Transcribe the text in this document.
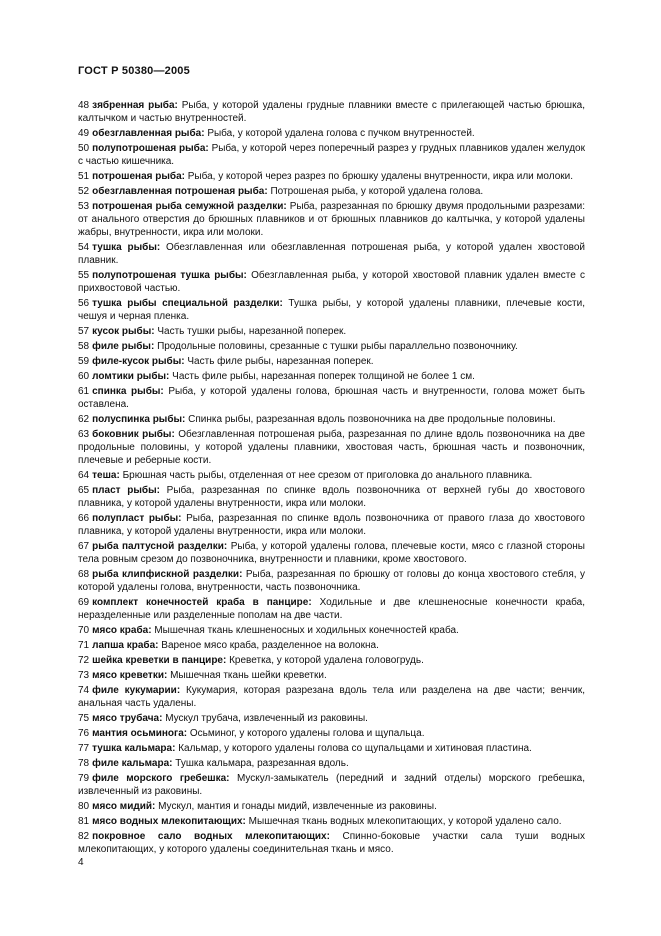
ГОСТ Р 50380—2005

48 зябренная рыба: Рыба, у которой удалены грудные плавники вместе с прилегающей частью брюшка, калтычком и частью внутренностей.

49 обезглавленная рыба: Рыба, у которой удалена голова с пучком внутренностей.

50 полупотрошеная рыба: Рыба, у которой через поперечный разрез у грудных плавников удален желудок с частью кишечника.

51 потрошеная рыба: Рыба, у которой через разрез по брюшку удалены внутренности, икра или молоки.

52 обезглавленная потрошеная рыба: Потрошеная рыба, у которой удалена голова.

53 потрошеная рыба семужной разделки: Рыба, разрезанная по брюшку двумя продольными разрезами: от анального отверстия до брюшных плавников и от брюшных плавников до калтычка, у которой удалены жабры, внутренности, икра или молоки.

54 тушка рыбы: Обезглавленная или обезглавленная потрошеная рыба, у которой удален хвостовой плавник.

55 полупотрошеная тушка рыбы: Обезглавленная рыба, у которой хвостовой плавник удален вместе с прихвостовой частью.

56 тушка рыбы специальной разделки: Тушка рыбы, у которой удалены плавники, плечевые кости, чешуя и черная пленка.

57 кусок рыбы: Часть тушки рыбы, нарезанной поперек.

58 филе рыбы: Продольные половины, срезанные с тушки рыбы параллельно позвоночнику.

59 филе-кусок рыбы: Часть филе рыбы, нарезанная поперек.

60 ломтики рыбы: Часть филе рыбы, нарезанная поперек толщиной не более 1 см.

61 спинка рыбы: Рыба, у которой удалены голова, брюшная часть и внутренности, голова может быть оставлена.

62 полуспинка рыбы: Спинка рыбы, разрезанная вдоль позвоночника на две продольные половины.

63 боковник рыбы: Обезглавленная потрошеная рыба, разрезанная по длине вдоль позвоночника на две продольные половины, у которой удалены плавники, хвостовая часть, брюшная часть и позвоночник, плечевые и реберные кости.

64 теша: Брюшная часть рыбы, отделенная от нее срезом от приголовка до анального плавника.

65 пласт рыбы: Рыба, разрезанная по спинке вдоль позвоночника от верхней губы до хвостового плавника, у которой удалены внутренности, икра или молоки.

66 полупласт рыбы: Рыба, разрезанная по спинке вдоль позвоночника от правого глаза до хвостового плавника, у которой удалены внутренности, икра или молоки.

67 рыба палтусной разделки: Рыба, у которой удалены голова, плечевые кости, мясо с глазной стороны тела ровным срезом до позвоночника, внутренности и плавники, кроме хвостового.

68 рыба клипфискной разделки: Рыба, разрезанная по брюшку от головы до конца хвостового стебля, у которой удалены голова, внутренности, часть позвоночника.

69 комплект конечностей краба в панцире: Ходильные и две клешненосные конечности краба, неразделенные или разделенные пополам на две части.

70 мясо краба: Мышечная ткань клешненосных и ходильных конечностей краба.

71 лапша краба: Вареное мясо краба, разделенное на волокна.

72 шейка креветки в панцире: Креветка, у которой удалена головогрудь.

73 мясо креветки: Мышечная ткань шейки креветки.

74 филе кукумарии: Кукумария, которая разрезана вдоль тела или разделена на две части; венчик, анальная часть удалены.

75 мясо трубача: Мускул трубача, извлеченный из раковины.

76 мантия осьминога: Осьминог, у которого удалены голова и щупальца.

77 тушка кальмара: Кальмар, у которого удалены голова со щупальцами и хитиновая пластина.

78 филе кальмара: Тушка кальмара, разрезанная вдоль.

79 филе морского гребешка: Мускул-замыкатель (передний и задний отделы) морского гребешка, извлеченный из раковины.

80 мясо мидий: Мускул, мантия и гонады мидий, извлеченные из раковины.

81 мясо водных млекопитающих: Мышечная ткань водных млекопитающих, у которой удалено сало.

82 покровное сало водных млекопитающих: Спинно-боковые участки сала туши водных млекопитающих, у которого удалены соединительная ткань и мясо.

4
